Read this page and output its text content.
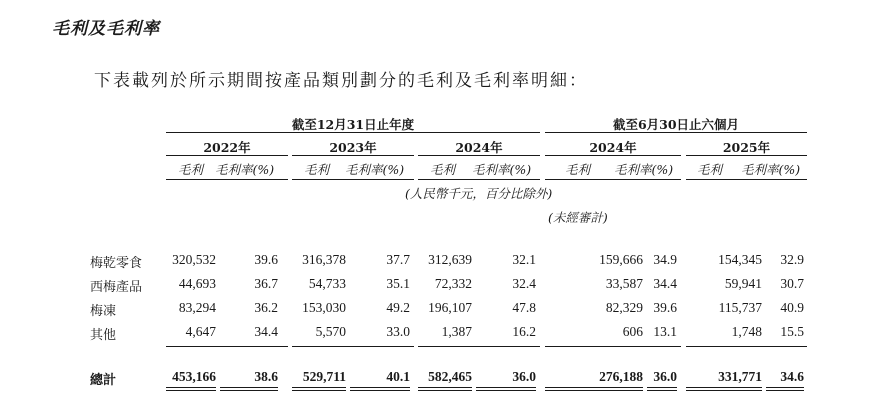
毛利及毛利率
下表載列於所示期間按產品類別劃分的毛利及毛利率明細：
截至12月31日止年度	截至6月30日止六個月
2022年	2023年	2024年	2024年	2025年
毛利 毛利率(%) 毛利 毛利率(%) 毛利 毛利率(%)	毛利 毛利率(%) 毛利 毛利率(%)
(人民幣千元，百分比除外)
(未經審計)
梅乾零食 320,532	39.6 316,378	37.7 312,639	32.1	159,666 34.9	154,345 32.9
西梅產品	44,693	36.7 54,733	35.1 72,332	32.4	33,587 34.4	59,941 30.7
梅凍	83,294	36.2 153,030	49.2 196,107	47.8	82,329 39.6	115,737 40.9
其他	4,647	34.4	5,570	33.0 1,387	16.2	606 13.1	1,748 15.5
總計	453,166	38.6 529,711	40.1 582,465	36.0	276,188 36.0	331,771 34.6
